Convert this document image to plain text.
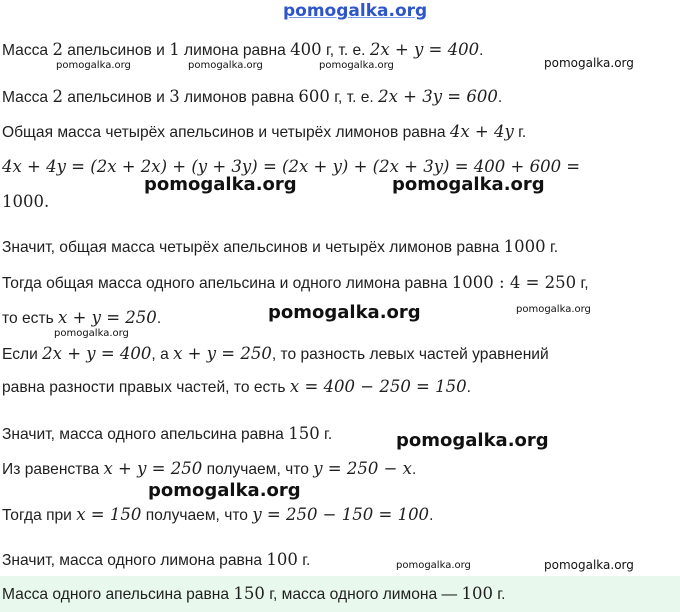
Масса 2 апельсинов и 1 лимона равна 400 г, т. е. 2x + y = 400.
Масса 2 апельсинов и 3 лимонов равна 600 г, т. е. 2x + 3y = 600.
Общая масса четырёх апельсинов и четырёх лимонов равна 4x + 4y г.
4x + 4y = (2x + 2x) + (y + 3y) = (2x + y) + (2x + 3y) = 400 + 600 =
1000.
Значит, общая масса четырёх апельсинов и четырёх лимонов равна 1000 г.
Тогда общая масса одного апельсина и одного лимона равна 1000 : 4 = 250 г,
то есть x + y = 250.
Если 2x + y = 400, а x + y = 250, то разность левых частей уравнений
равна разности правых частей, то есть x = 400 − 250 = 150.
Значит, масса одного апельсина равна 150 г.
Из равенства x + y = 250 получаем, что y = 250 − x.
Тогда при x = 150 получаем, что y = 250 − 150 = 100.
Значит, масса одного лимона равна 100 г.
Масса одного апельсина равна 150 г, масса одного лимона — 100 г.
pomogalka.org
pomogalka.org	pomogalka.org	pomogalka.org	pomogalka.org
pomogalka.org	pomogalka.org
pomogalka.org	pomogalka.org
pomogalka.org
pomogalka.org
pomogalka.org
pomogalka.org	pomogalka.org
